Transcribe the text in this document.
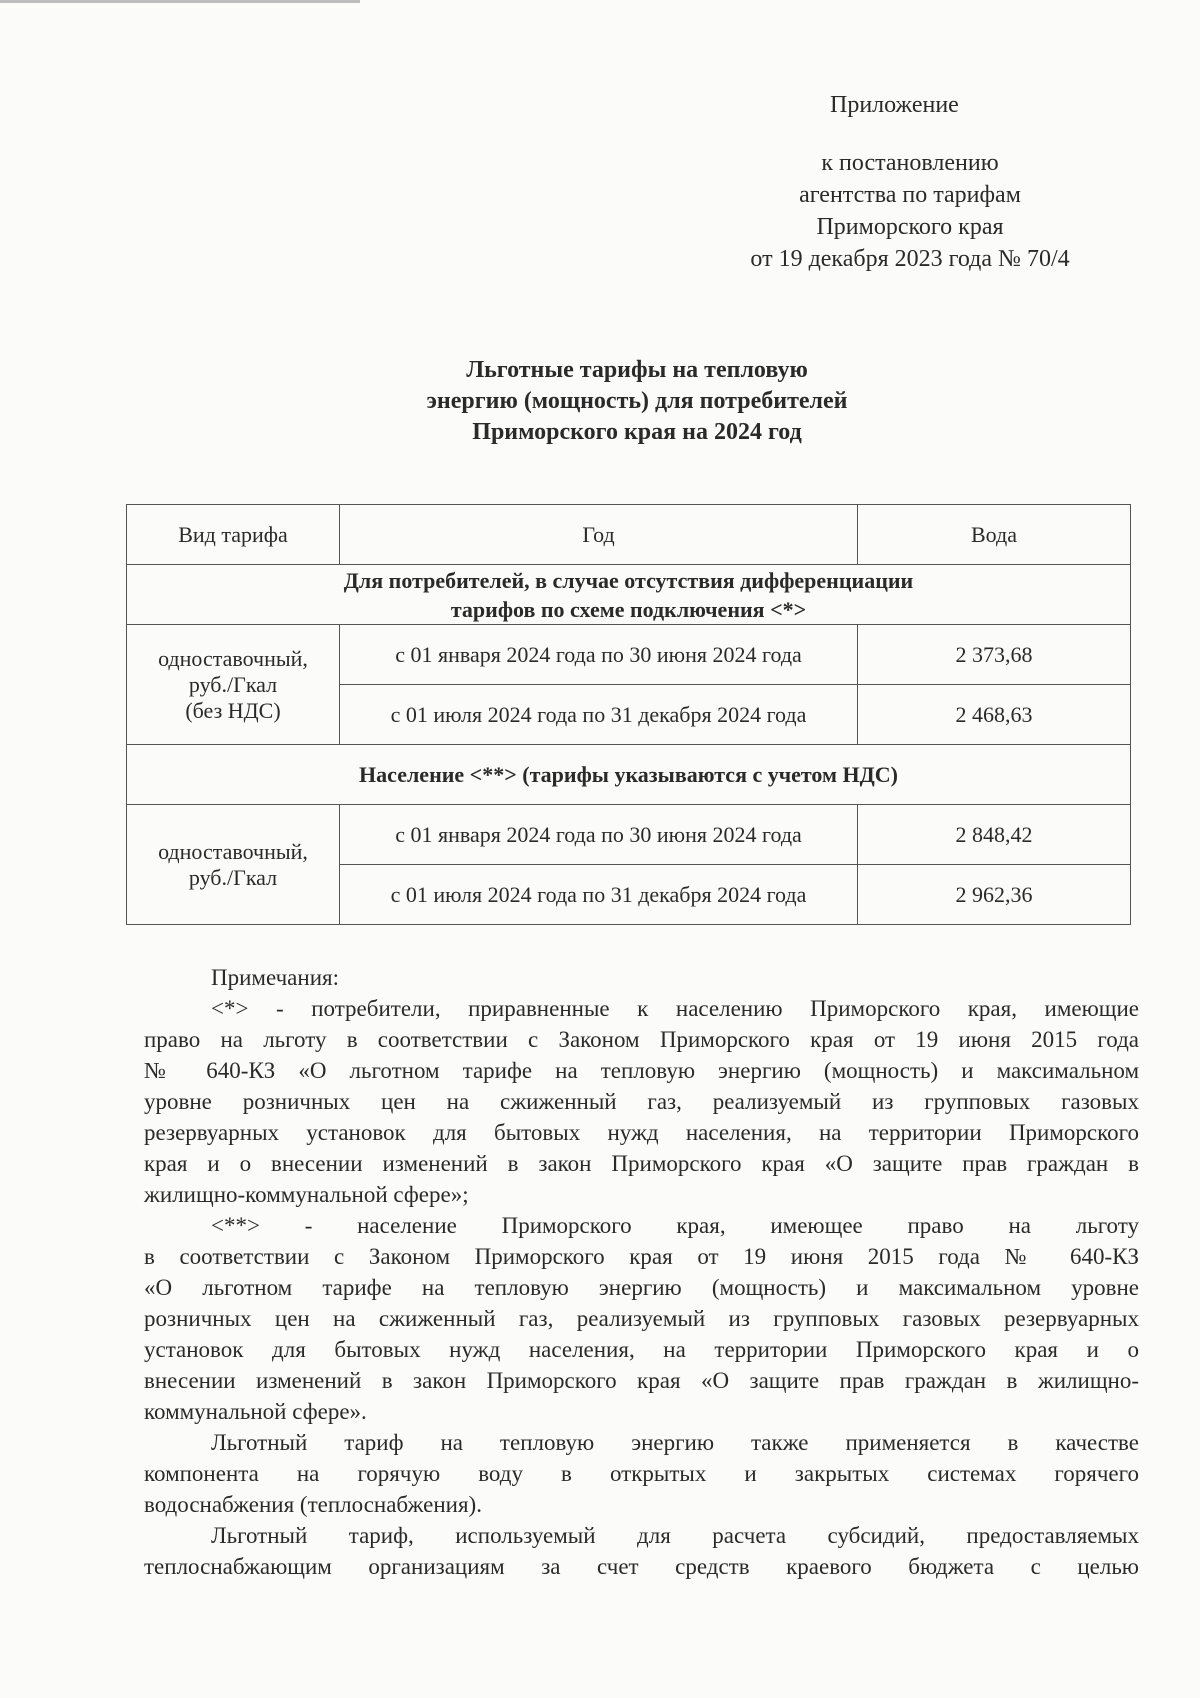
Приложение
к постановлению
агентства по тарифам
Приморского края
от 19 декабря 2023 года № 70/4
Льготные тарифы на тепловую
энергию (мощность) для потребителей
Приморского края на 2024 год
Вид тарифа	Год	Вода

Для потребителей, в случае отсутствия дифференциации
тарифов по схеме подключения <*>		

одноставочный,
руб./Гкал
(без НДС)	с 01 января 2024 года по 30 июня 2024 года	2 373,68
	с 01 июля 2024 года по 31 декабря 2024 года	2 468,63
Население <**> (тарифы указываются с учетом НДС)		

одноставочный,
руб./Гкал	с 01 января 2024 года по 30 июня 2024 года	2 848,42
	с 01 июля 2024 года по 31 декабря 2024 года	2 962,36
Примечания:
<*> - потребители, приравненные к населению Приморского края, имеющие
право на льготу в соответствии с Законом Приморского края от 19 июня 2015 года
№ 640-КЗ «О льготном тарифе на тепловую энергию (мощность) и максимальном
уровне розничных цен на сжиженный газ, реализуемый из групповых газовых
резервуарных установок для бытовых нужд населения, на территории Приморского
края и о внесении изменений в закон Приморского края «О защите прав граждан в
жилищно-коммунальной сфере»;
<**> - население Приморского края, имеющее право на льготу
в соответствии с Законом Приморского края от 19 июня 2015 года № 640-КЗ
«О льготном тарифе на тепловую энергию (мощность) и максимальном уровне
розничных цен на сжиженный газ, реализуемый из групповых газовых резервуарных
установок для бытовых нужд населения, на территории Приморского края и о
внесении изменений в закон Приморского края «О защите прав граждан в жилищно-
коммунальной сфере».
Льготный тариф на тепловую энергию также применяется в качестве
компонента на горячую воду в открытых и закрытых системах горячего
водоснабжения (теплоснабжения).
Льготный тариф, используемый для расчета субсидий, предоставляемых
теплоснабжающим организациям за счет средств краевого бюджета с целью
